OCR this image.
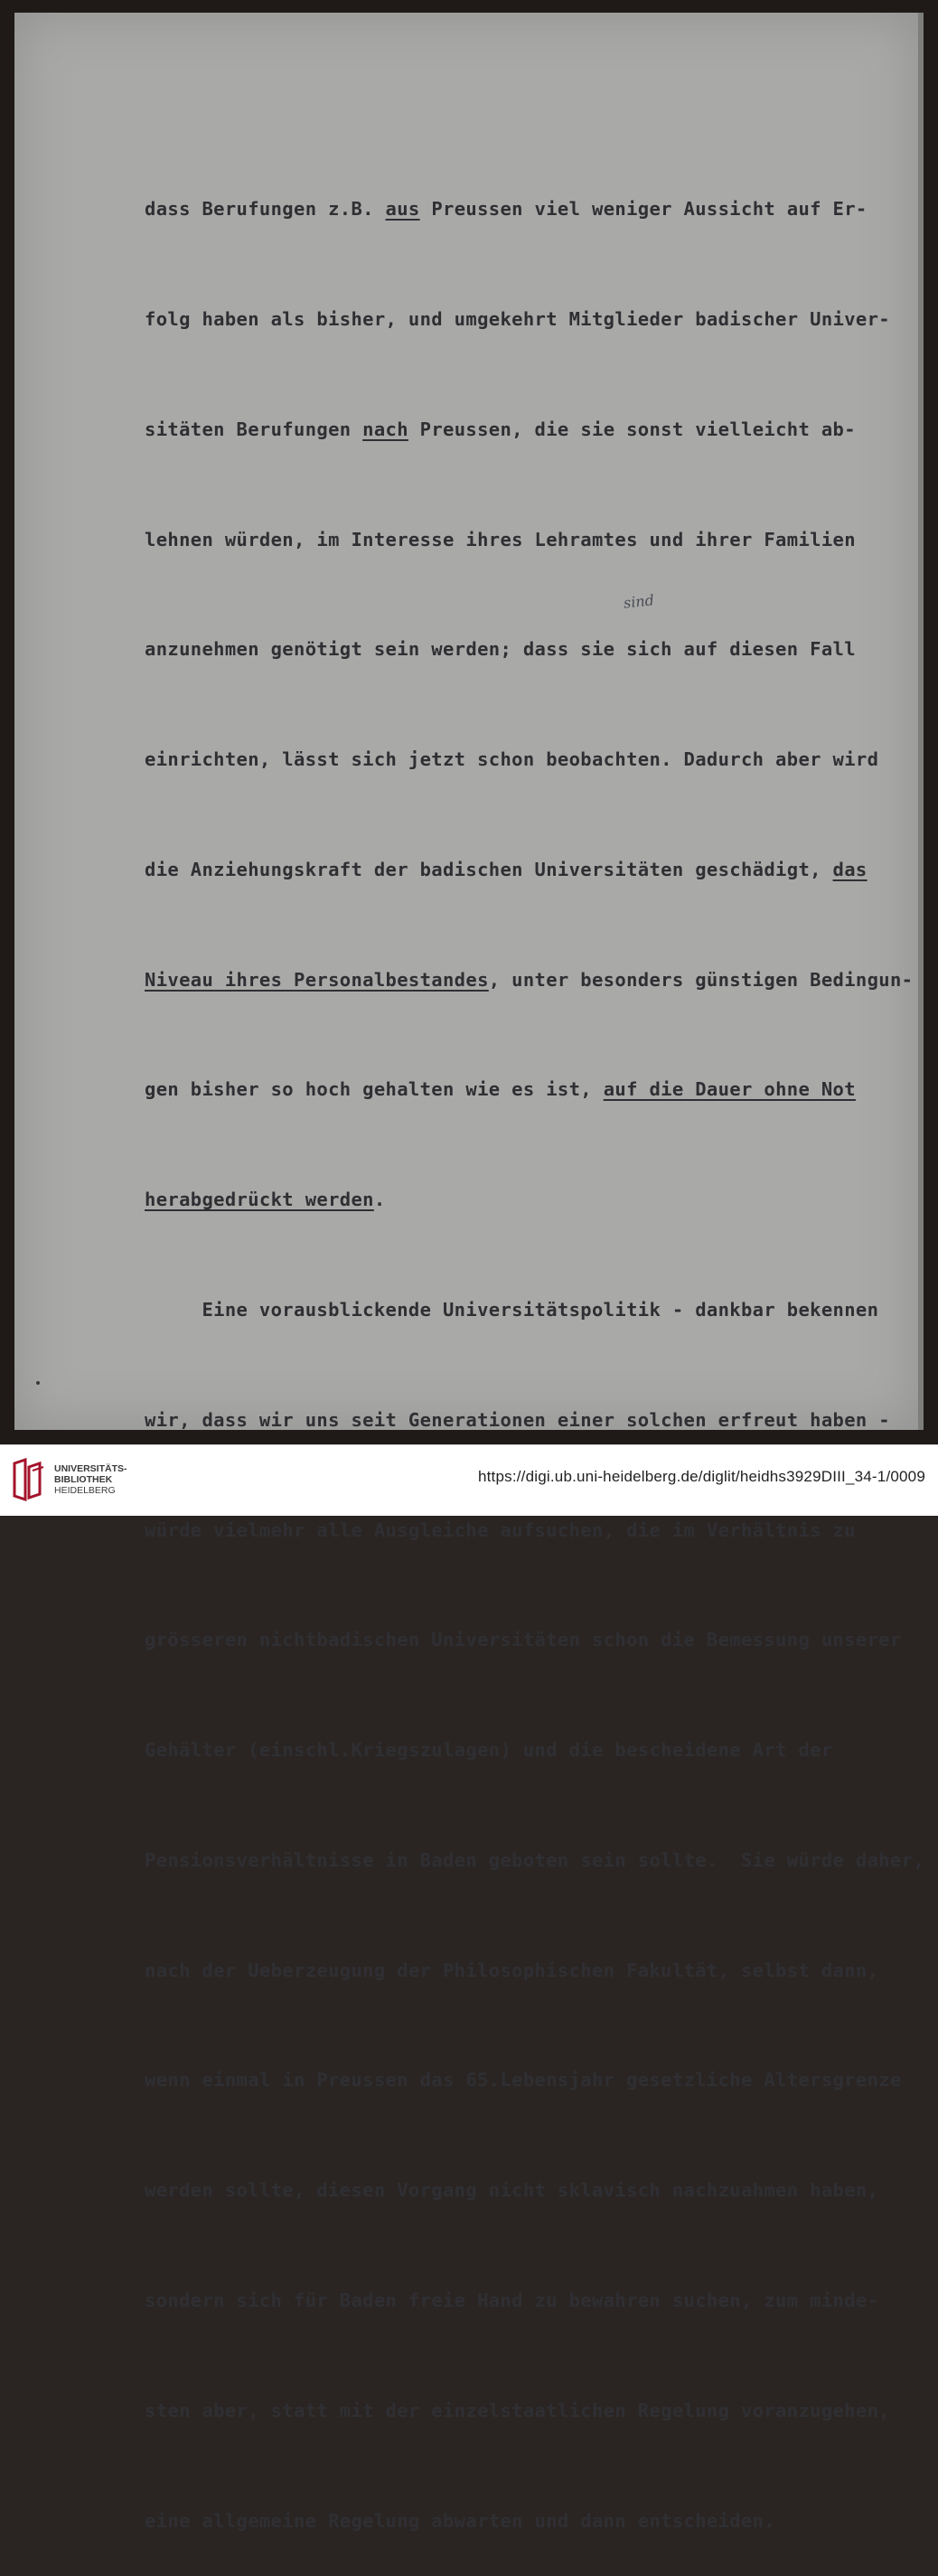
dass Berufungen z.B. aus Preussen viel weniger Aussicht auf Er-

folg haben als bisher, und umgekehrt Mitglieder badischer Univer-

sitäten Berufungen nach Preussen, die sie sonst vielleicht ab-

lehnen würden, im Interesse ihres Lehramtes und ihrer Familien

anzunehmen genötigt sein werden; dass sie sich auf diesen Fall

einrichten, lässt sich jetzt schon beobachten. Dadurch aber wird

die Anziehungskraft der badischen Universitäten geschädigt, das

Niveau ihres Personalbestandes, unter besonders günstigen Bedingun-

gen bisher so hoch gehalten wie es ist, auf die Dauer ohne Not

herabgedrückt werden.

Eine vorausblickende Universitätspolitik - dankbar bekennen

wir, dass wir uns seit Generationen einer solchen erfreut haben -

würde vielmehr alle Ausgleiche aufsuchen, die im Verhältnis zu

grösseren nichtbadischen Universitäten schon die Bemessung unserer

Gehälter (einschl.Kriegszulagen) und die bescheidene Art der

Pensionsverhältnisse in Baden geboten sein sollte.  Sie würde daher,

nach der Ueberzeugung der Philosophischen Fakultät, selbst dann,

wenn einmal in Preussen das 65.Lebensjahr gesetzliche Altersgrenze

werden sollte, diesen Vorgang nicht sklavisch nachzuahmen haben,

sondern sich für Baden freie Hand zu bewahren suchen, zum minde-

sten aber, statt mit der einzelstaatlichen Regelung voranzugehen,

eine allgemeine Regelung abwarten und dann entscheiden.

sind
UNIVERSITÄTS-
BIBLIOTHEK
HEIDELBERG
https://digi.ub.uni-heidelberg.de/diglit/heidhs3929DIII_34-1/0009
